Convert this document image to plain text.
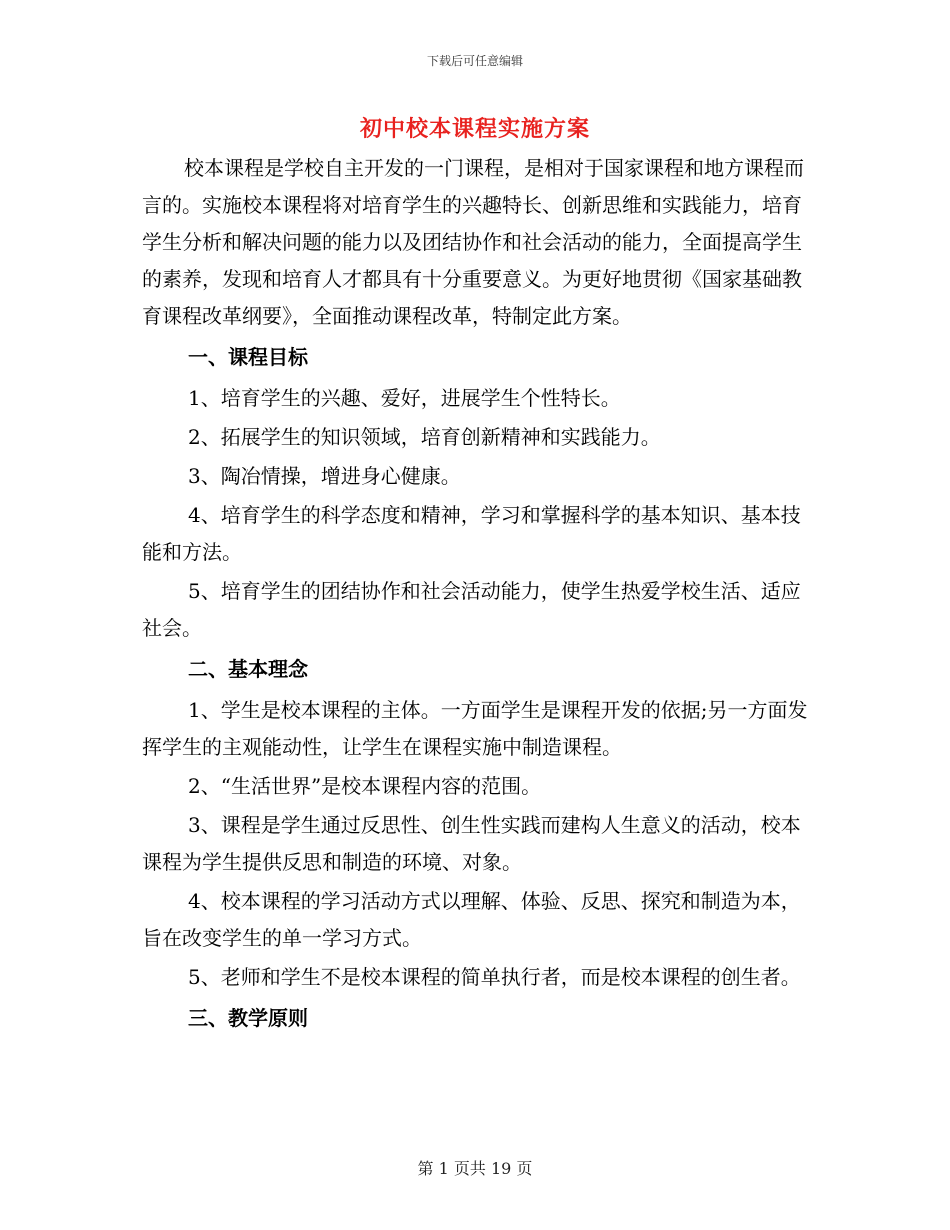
下载后可任意编辑
初中校本课程实施方案

校本课程是学校自主开发的一门课程，是相对于国家课程和地方课程而言的。实施校本课程将对培育学生的兴趣特长、创新思维和实践能力，培育学生分析和解决问题的能力以及团结协作和社会活动的能力，全面提高学生的素养，发现和培育人才都具有十分重要意义。为更好地贯彻《国家基础教育课程改革纲要》，全面推动课程改革，特制定此方案。

一、课程目标

1、培育学生的兴趣、爱好，进展学生个性特长。

2、拓展学生的知识领域，培育创新精神和实践能力。

3、陶冶情操，增进身心健康。

4、培育学生的科学态度和精神，学习和掌握科学的基本知识、基本技能和方法。

5、培育学生的团结协作和社会活动能力，使学生热爱学校生活、适应社会。

二、基本理念

1、学生是校本课程的主体。一方面学生是课程开发的依据;另一方面发挥学生的主观能动性，让学生在课程实施中制造课程。

2、“生活世界”是校本课程内容的范围。

3、课程是学生通过反思性、创生性实践而建构人生意义的活动，校本课程为学生提供反思和制造的环境、对象。

4、校本课程的学习活动方式以理解、体验、反思、探究和制造为本，旨在改变学生的单一学习方式。

5、老师和学生不是校本课程的简单执行者，而是校本课程的创生者。

三、教学原则

第 1 页共 19 页
